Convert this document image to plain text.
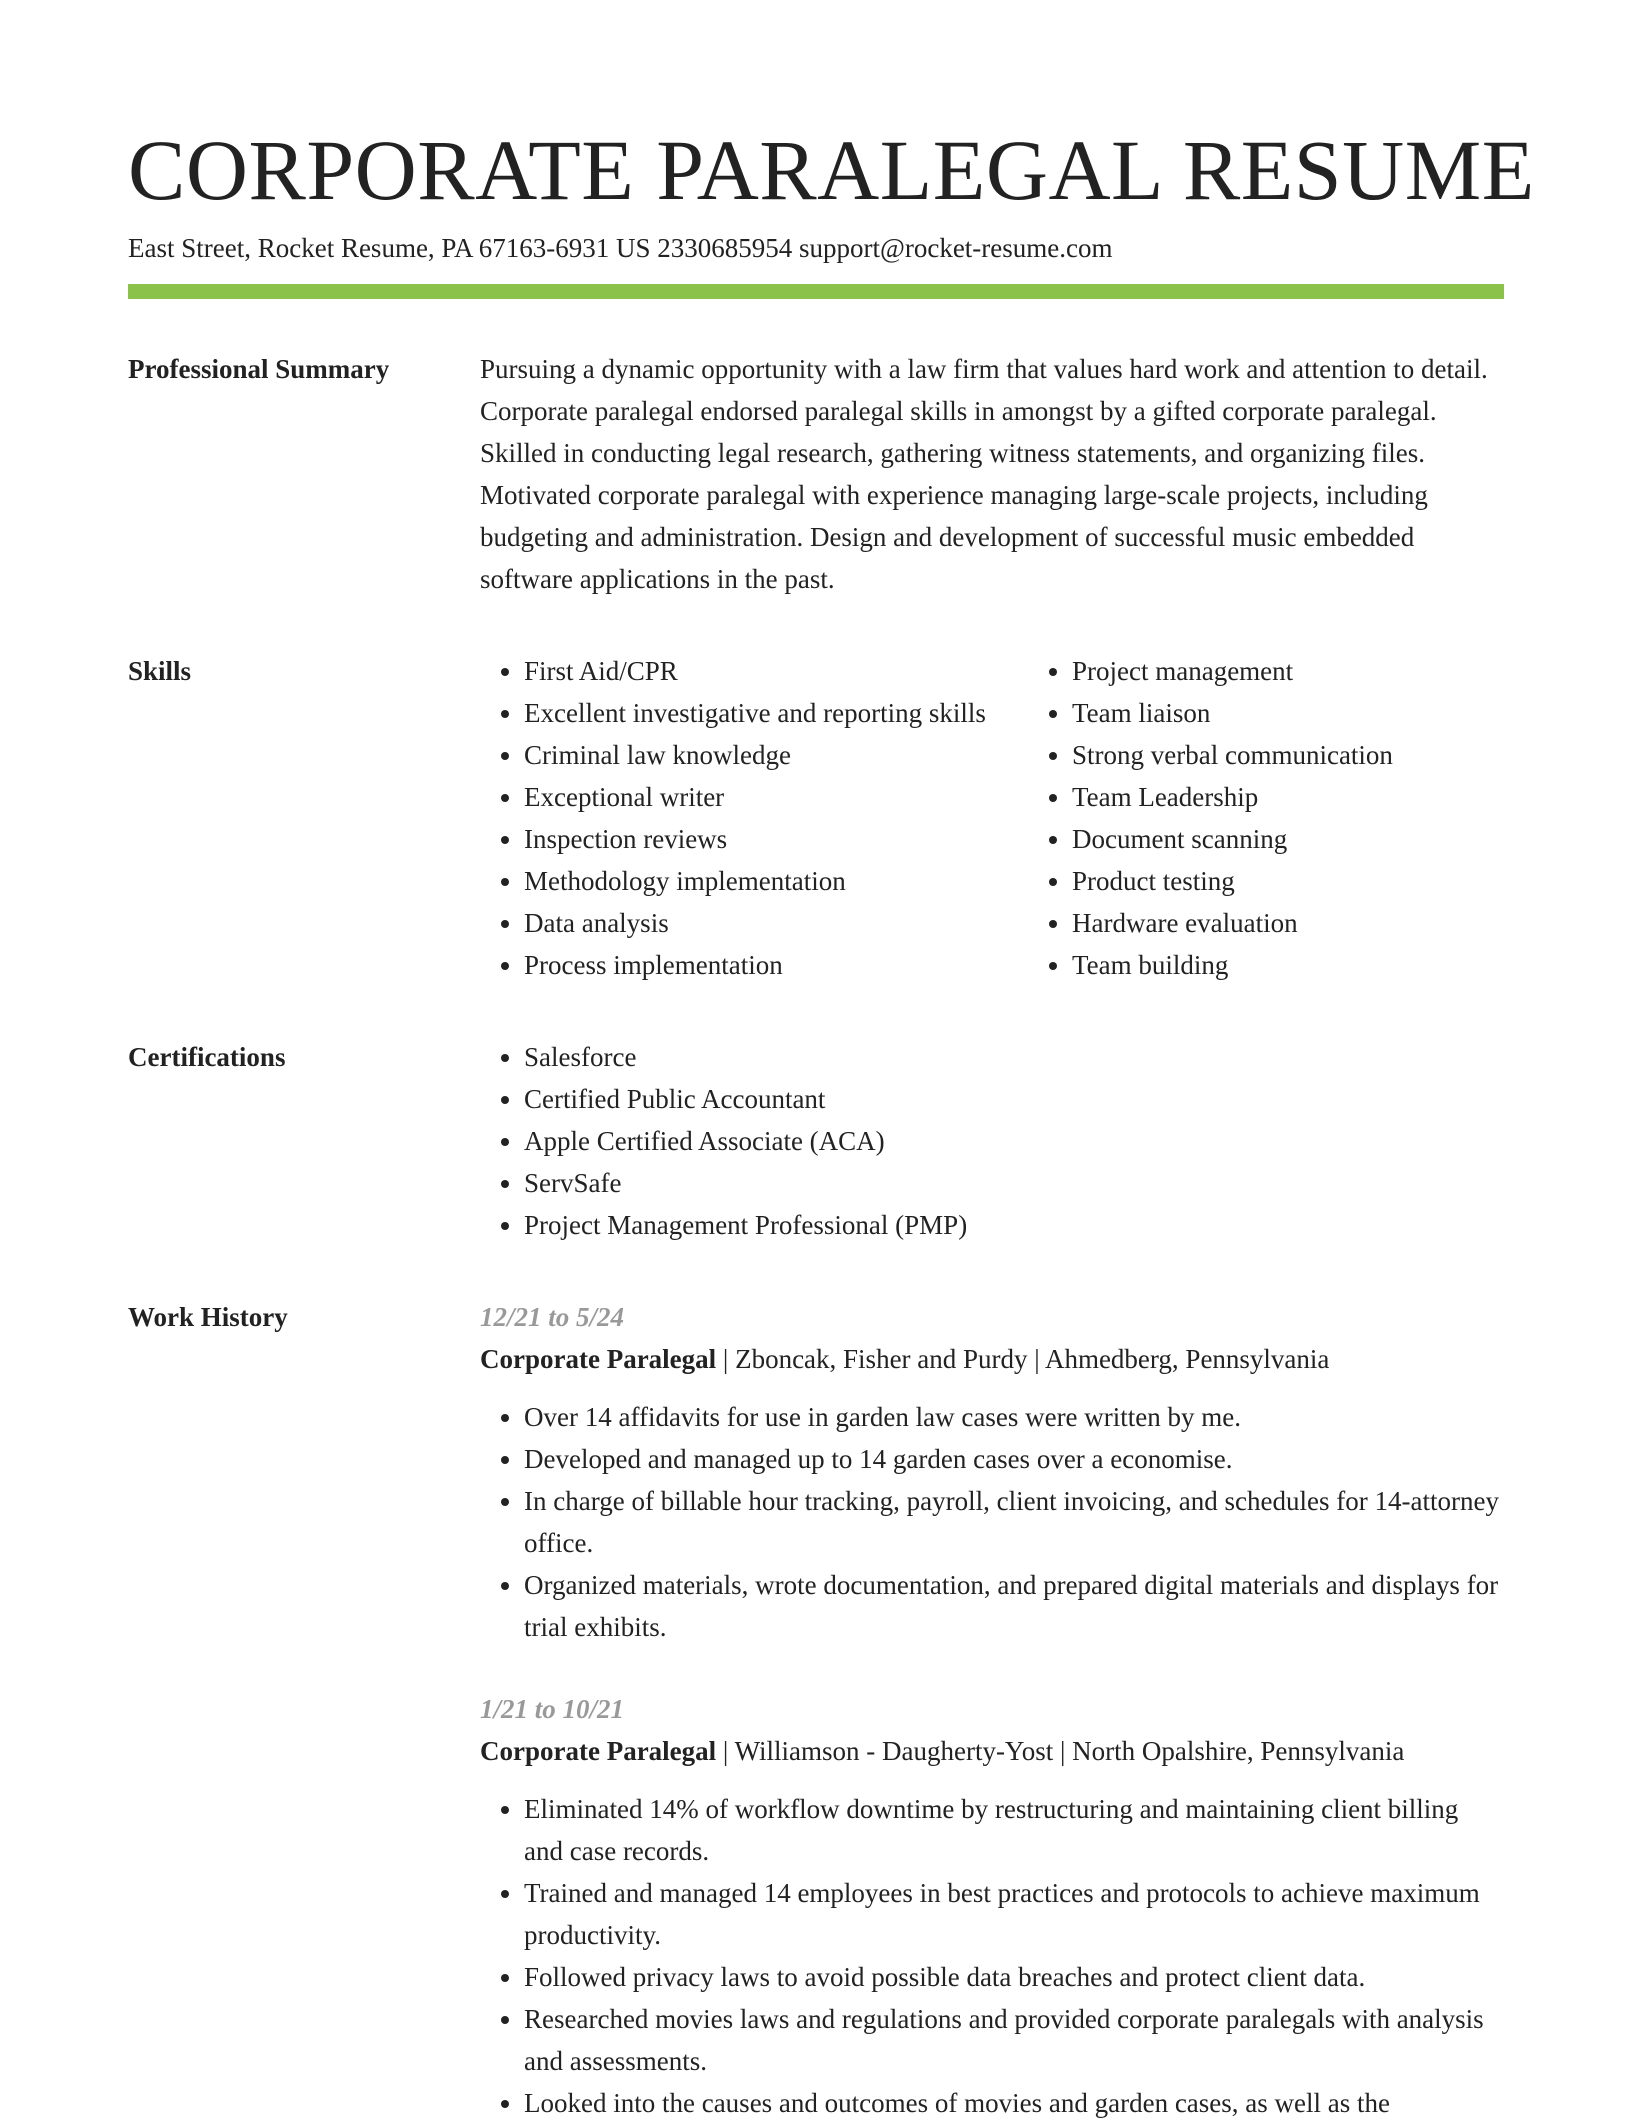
CORPORATE PARALEGAL RESUME
East Street, Rocket Resume, PA 67163-6931 US 2330685954 support@rocket-resume.com
Professional Summary	Pursuing a dynamic opportunity with a law firm that values hard work and attention to detail. Corporate paralegal endorsed paralegal skills in amongst by a gifted corporate paralegal. Skilled in conducting legal research, gathering witness statements, and organizing files. Motivated corporate paralegal with experience managing large-scale projects, including budgeting and administration. Design and development of successful music embedded software applications in the past.

Skills	• First Aid/CPR
• Excellent investigative and reporting skills
• Criminal law knowledge
• Exceptional writer
• Inspection reviews
• Methodology implementation
• Data analysis
• Process implementation
• Project management
• Team liaison
• Strong verbal communication
• Team Leadership
• Document scanning
• Product testing
• Hardware evaluation
• Team building
Certifications	• Salesforce
• Certified Public Accountant
• Apple Certified Associate (ACA)
• ServSafe
• Project Management Professional (PMP)
Work History	12/21 to 5/24
Corporate Paralegal | Zboncak, Fisher and Purdy | Ahmedberg, Pennsylvania
• Over 14 affidavits for use in garden law cases were written by me.
• Developed and managed up to 14 garden cases over a economise.
• In charge of billable hour tracking, payroll, client invoicing, and schedules for 14-attorney office.
• Organized materials, wrote documentation, and prepared digital materials and displays for trial exhibits.
1/21 to 10/21
Corporate Paralegal | Williamson - Daugherty-Yost | North Opalshire, Pennsylvania
• Eliminated 14% of workflow downtime by restructuring and maintaining client billing and case records.
• Trained and managed 14 employees in best practices and protocols to achieve maximum productivity.
• Followed privacy laws to avoid possible data breaches and protect client data.
• Researched movies laws and regulations and provided corporate paralegals with analysis and assessments.
• Looked into the causes and outcomes of movies and garden cases, as well as the
